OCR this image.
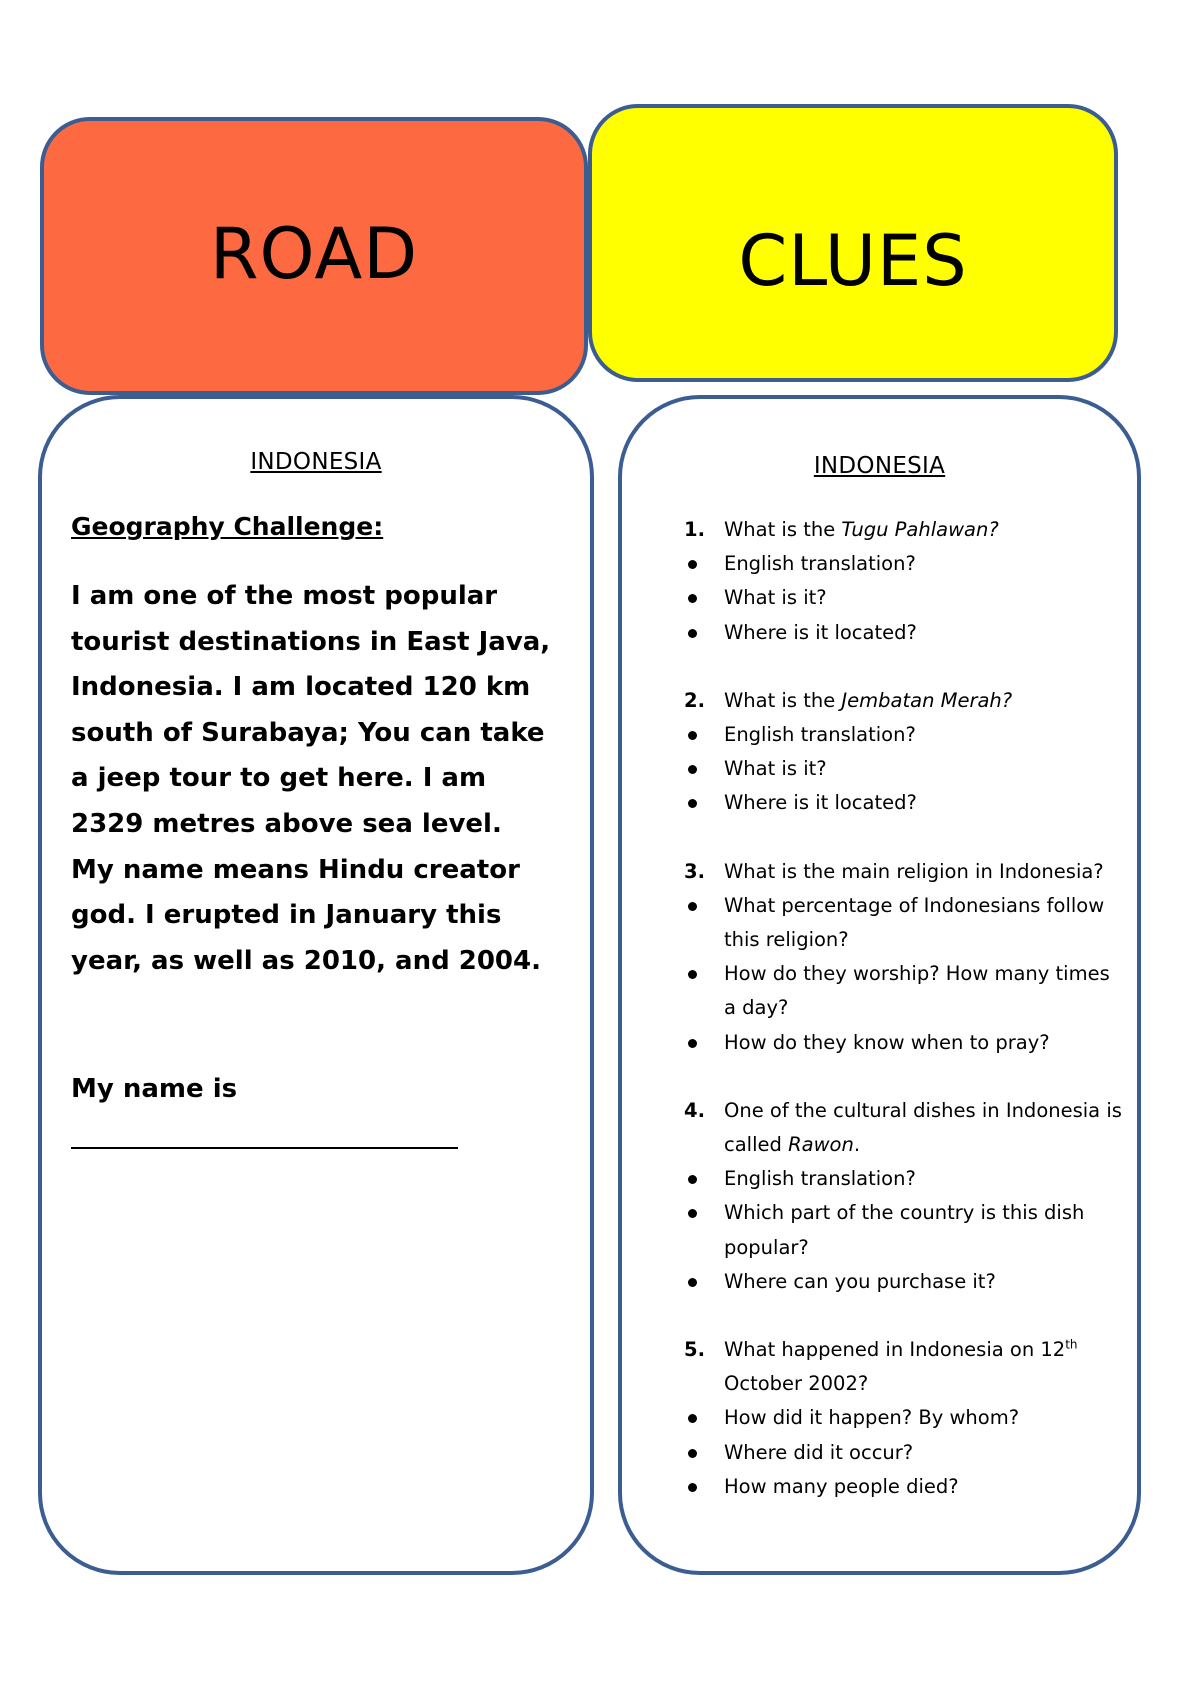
ROAD	CLUES
INDONESIA
Geography Challenge:
I am one of the most popular tourist destinations in East Java, Indonesia. I am located 120 km south of Surabaya; You can take a jeep tour to get here. I am 2329 metres above sea level. My name means Hindu creator god. I erupted in January this year, as well as 2010, and 2004.
My name is
INDONESIA
1. What is the Tugu Pahlawan?
English translation?
What is it?
Where is it located?
2. What is the Jembatan Merah?
English translation?
What is it?
Where is it located?
3. What is the main religion in Indonesia?
What percentage of Indonesians follow this religion?
How do they worship? How many times a day?
How do they know when to pray?
4. One of the cultural dishes in Indonesia is called Rawon.
English translation?
Which part of the country is this dish popular?
Where can you purchase it?
5. What happened in Indonesia on 12th October 2002?
How did it happen? By whom?
Where did it occur?
How many people died?
